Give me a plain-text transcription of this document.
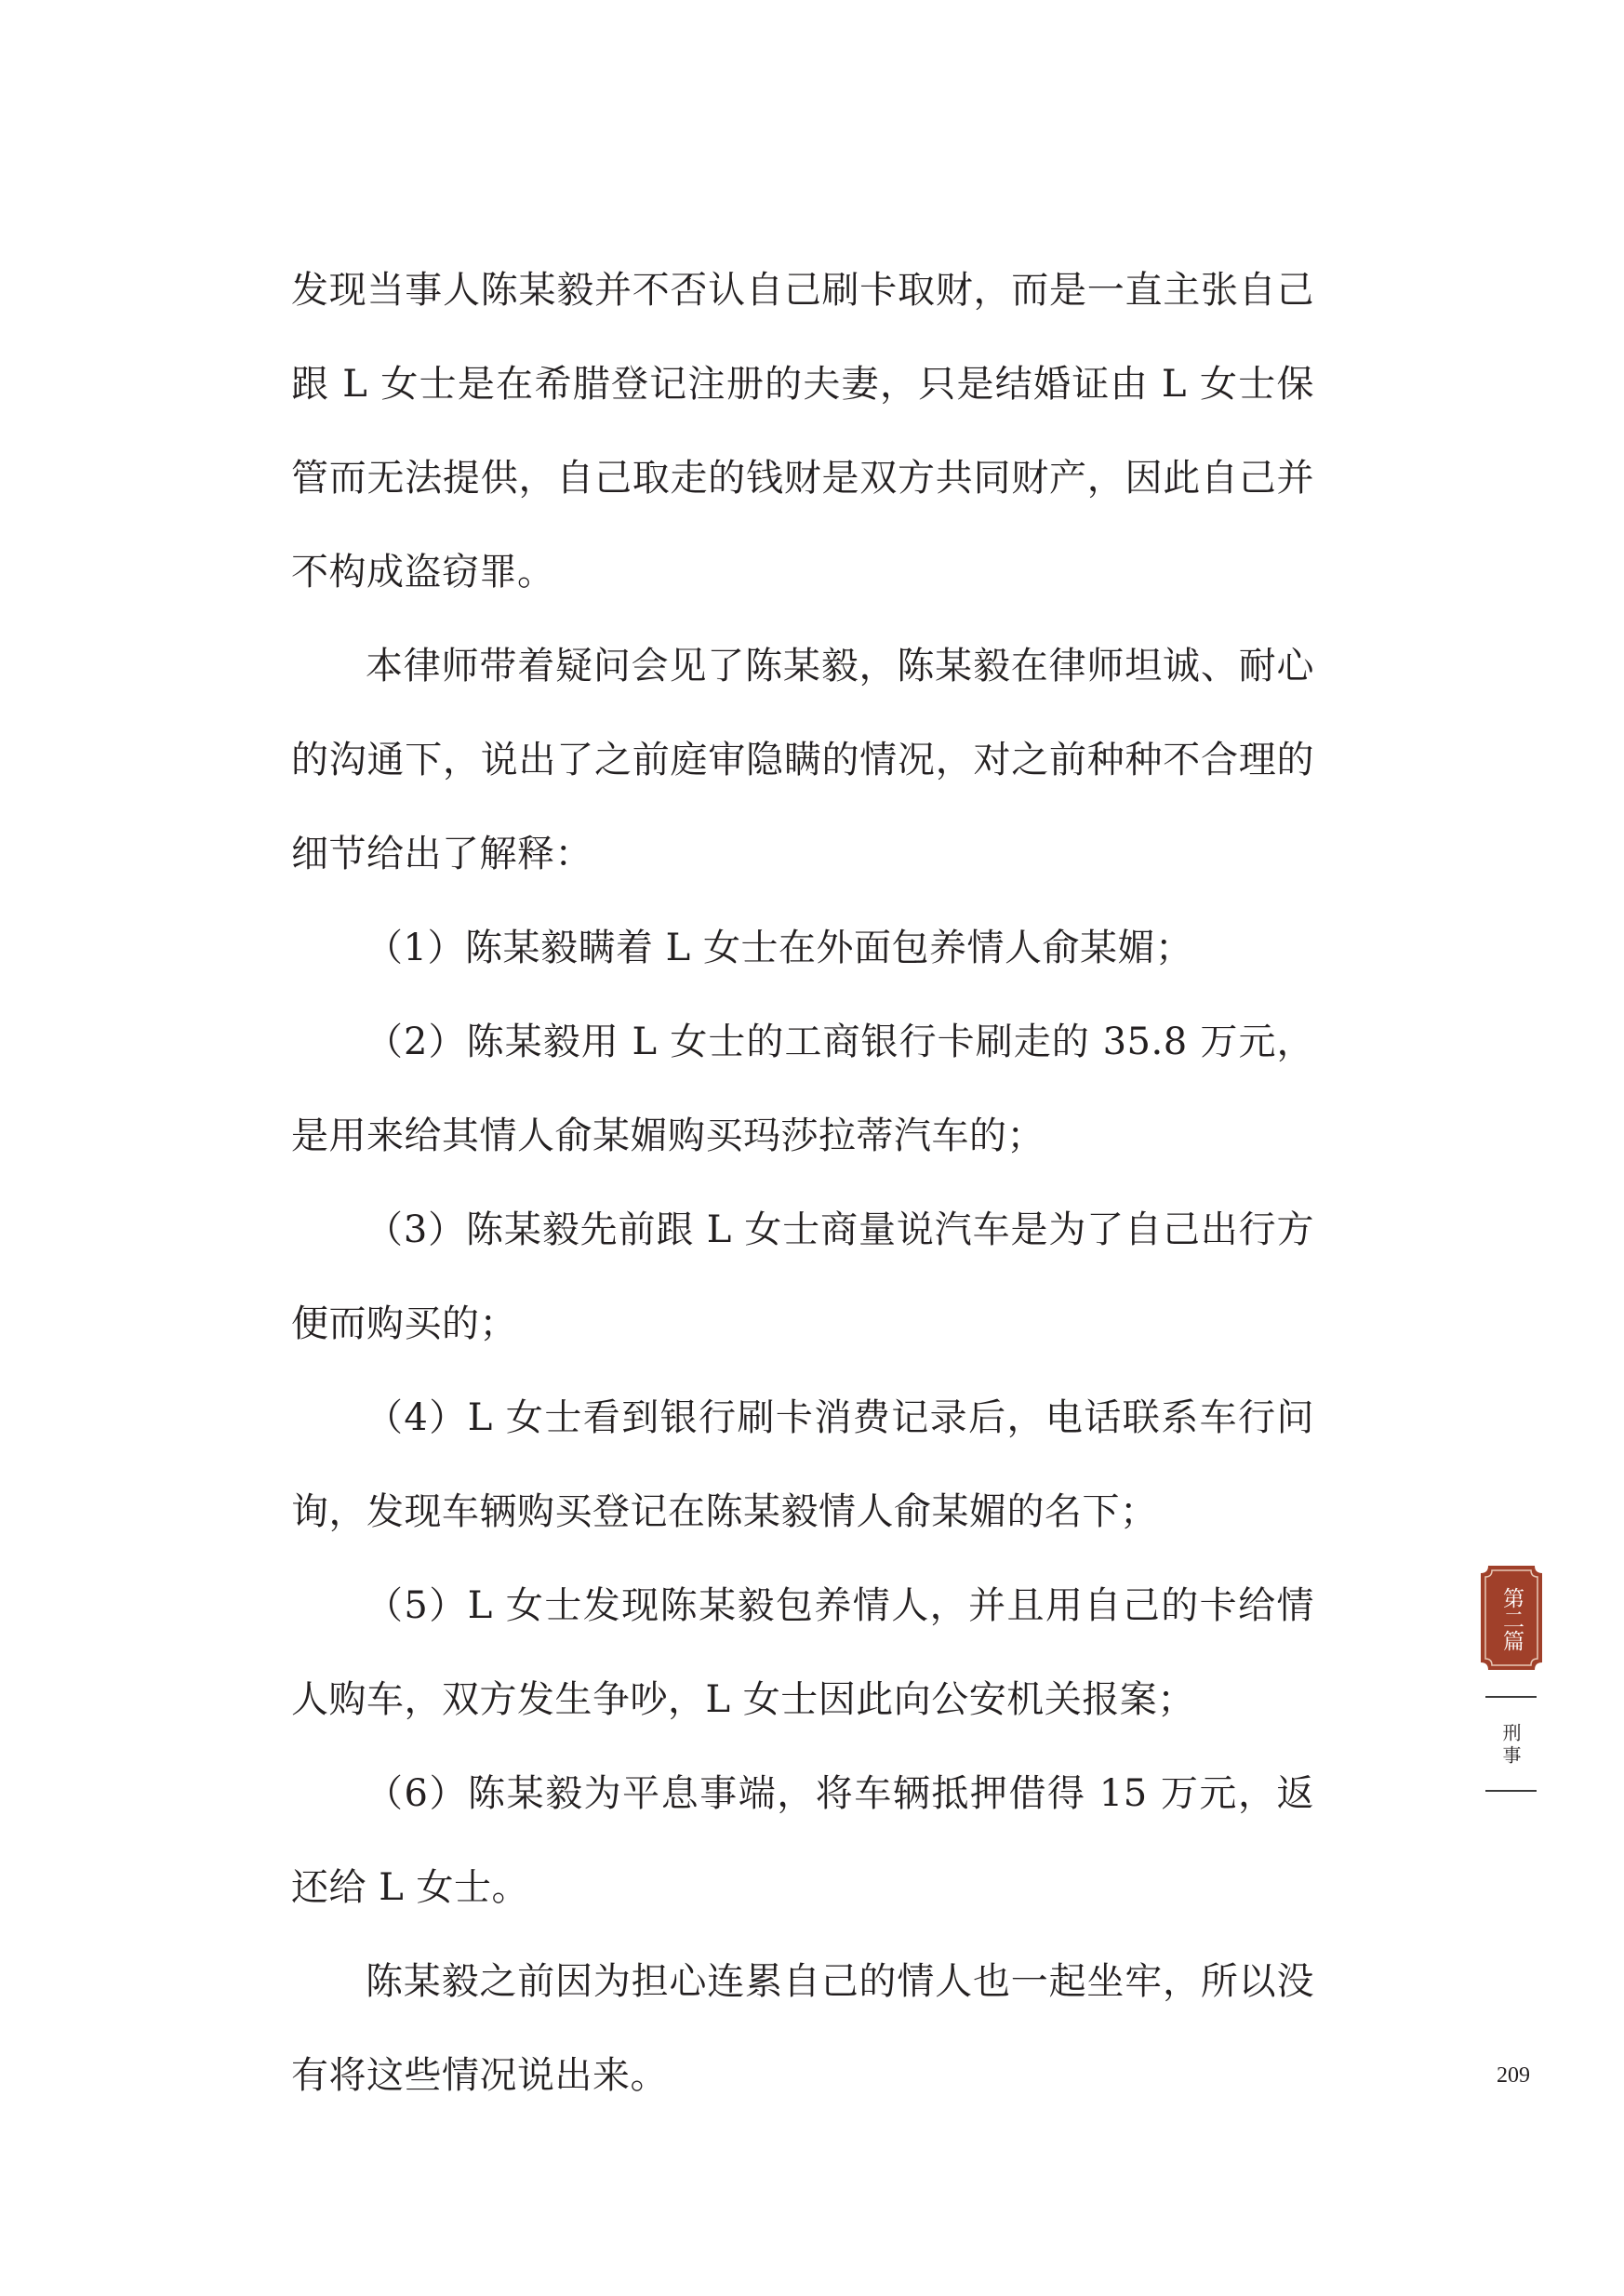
发现当事人陈某毅并不否认自己刷卡取财，而是一直主张自己跟 L 女士是在希腊登记注册的夫妻，只是结婚证由 L 女士保管而无法提供，自己取走的钱财是双方共同财产，因此自己并不构成盗窃罪。

本律师带着疑问会见了陈某毅，陈某毅在律师坦诚、耐心的沟通下，说出了之前庭审隐瞒的情况，对之前种种不合理的细节给出了解释：

（1）陈某毅瞒着 L 女士在外面包养情人俞某媚；

（2）陈某毅用 L 女士的工商银行卡刷走的 35.8 万元，是用来给其情人俞某媚购买玛莎拉蒂汽车的；

（3）陈某毅先前跟 L 女士商量说汽车是为了自己出行方便而购买的；

（4）L 女士看到银行刷卡消费记录后，电话联系车行问询，发现车辆购买登记在陈某毅情人俞某媚的名下；

（5）L 女士发现陈某毅包养情人，并且用自己的卡给情人购车，双方发生争吵，L 女士因此向公安机关报案；

（6）陈某毅为平息事端，将车辆抵押借得 15 万元，返还给 L 女士。

陈某毅之前因为担心连累自己的情人也一起坐牢，所以没有将这些情况说出来。

第二篇
刑事
209
